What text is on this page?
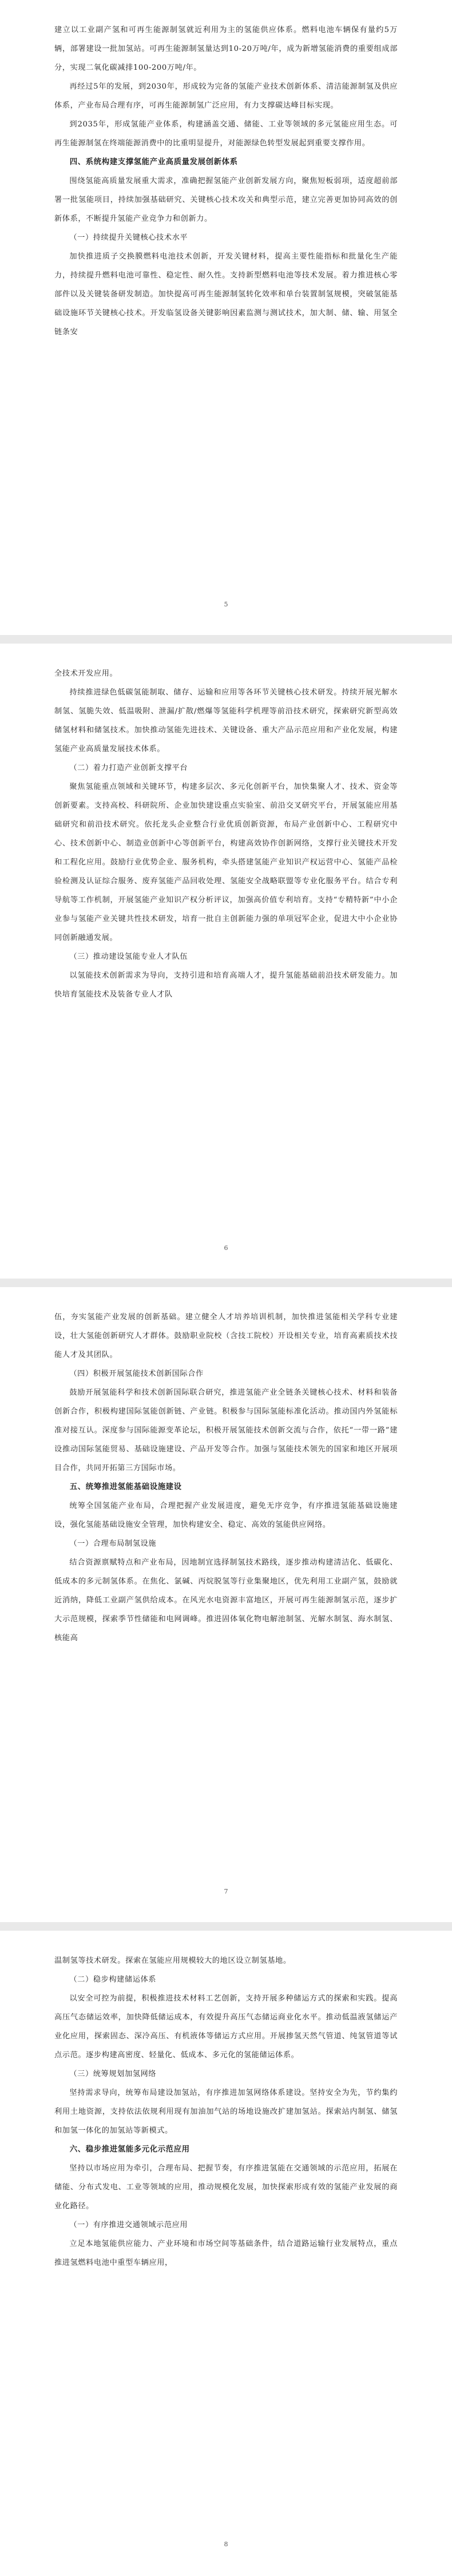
建立以工业副产氢和可再生能源制氢就近利用为主的氢能供应体系。燃料电池车辆保有量约5万辆，部署建设一批加氢站。可再生能源制氢量达到10-20万吨/年，成为新增氢能消费的重要组成部分，实现二氧化碳减排100-200万吨/年。

再经过5年的发展，到2030年，形成较为完备的氢能产业技术创新体系、清洁能源制氢及供应体系，产业布局合理有序，可再生能源制氢广泛应用，有力支撑碳达峰目标实现。

到2035年，形成氢能产业体系，构建涵盖交通、储能、工业等领域的多元氢能应用生态。可再生能源制氢在终端能源消费中的比重明显提升，对能源绿色转型发展起到重要支撑作用。

四、系统构建支撑氢能产业高质量发展创新体系

围绕氢能高质量发展重大需求，准确把握氢能产业创新发展方向，聚焦短板弱项，适度超前部署一批氢能项目，持续加强基础研究、关键核心技术攻关和典型示范，建立完善更加协同高效的创新体系，不断提升氢能产业竞争力和创新力。

（一）持续提升关键核心技术水平

加快推进质子交换膜燃料电池技术创新，开发关键材料，提高主要性能指标和批量化生产能力，持续提升燃料电池可靠性、稳定性、耐久性。支持新型燃料电池等技术发展。着力推进核心零部件以及关键装备研发制造。加快提高可再生能源制氢转化效率和单台装置制氢规模，突破氢能基础设施环节关键核心技术。开发临氢设备关键影响因素监测与测试技术，加大制、储、输、用氢全链条安

5

全技术开发应用。

持续推进绿色低碳氢能制取、储存、运输和应用等各环节关键核心技术研发。持续开展光解水制氢、氢脆失效、低温吸附、泄漏/扩散/燃爆等氢能科学机理等前沿技术研究，探索研究新型高效储氢材料和储氢技术。加快推动氢能先进技术、关键设备、重大产品示范应用和产业化发展，构建氢能产业高质量发展技术体系。

（二）着力打造产业创新支撑平台

聚焦氢能重点领域和关键环节，构建多层次、多元化创新平台，加快集聚人才、技术、资金等创新要素。支持高校、科研院所、企业加快建设重点实验室、前沿交叉研究平台，开展氢能应用基础研究和前沿技术研究。依托龙头企业整合行业优质创新资源，布局产业创新中心、工程研究中心、技术创新中心、制造业创新中心等创新平台，构建高效协作创新网络，支撑行业关键技术开发和工程化应用。鼓励行业优势企业、服务机构，牵头搭建氢能产业知识产权运营中心、氢能产品检验检测及认证综合服务、废弃氢能产品回收处理、氢能安全战略联盟等专业化服务平台。结合专利导航等工作机制，开展氢能产业知识产权分析评议，加强高价值专利培育。支持“专精特新”中小企业参与氢能产业关键共性技术研发，培育一批自主创新能力强的单项冠军企业，促进大中小企业协同创新融通发展。

（三）推动建设氢能专业人才队伍

以氢能技术创新需求为导向，支持引进和培育高端人才，提升氢能基础前沿技术研发能力。加快培育氢能技术及装备专业人才队

6

伍，夯实氢能产业发展的创新基础。建立健全人才培养培训机制，加快推进氢能相关学科专业建设，壮大氢能创新研究人才群体。鼓励职业院校（含技工院校）开设相关专业，培育高素质技术技能人才及其团队。

（四）积极开展氢能技术创新国际合作

鼓励开展氢能科学和技术创新国际联合研究，推进氢能产业全链条关键核心技术、材料和装备创新合作，积极构建国际氢能创新链、产业链。积极参与国际氢能标准化活动。推动国内外氢能标准对接互认。深度参与国际能源变革论坛，积极开展氢能技术创新交流与合作，依托“一带一路”建设推动国际氢能贸易、基础设施建设、产品开发等合作。加强与氢能技术领先的国家和地区开展项目合作，共同开拓第三方国际市场。

五、统筹推进氢能基础设施建设

统筹全国氢能产业布局，合理把握产业发展进度，避免无序竞争，有序推进氢能基础设施建设，强化氢能基础设施安全管理，加快构建安全、稳定、高效的氢能供应网络。

（一）合理布局制氢设施

结合资源禀赋特点和产业布局，因地制宜选择制氢技术路线，逐步推动构建清洁化、低碳化、低成本的多元制氢体系。在焦化、氯碱、丙烷脱氢等行业集聚地区，优先利用工业副产氢，鼓励就近消纳，降低工业副产氢供给成本。在风光水电资源丰富地区，开展可再生能源制氢示范，逐步扩大示范规模，探索季节性储能和电网调峰。推进固体氧化物电解池制氢、光解水制氢、海水制氢、核能高

7

温制氢等技术研发。探索在氢能应用规模较大的地区设立制氢基地。

（二）稳步构建储运体系

以安全可控为前提，积极推进技术材料工艺创新，支持开展多种储运方式的探索和实践。提高高压气态储运效率，加快降低储运成本，有效提升高压气态储运商业化水平。推动低温液氢储运产业化应用，探索固态、深冷高压、有机液体等储运方式应用。开展掺氢天然气管道、纯氢管道等试点示范。逐步构建高密度、轻量化、低成本、多元化的氢能储运体系。

（三）统筹规划加氢网络

坚持需求导向，统筹布局建设加氢站，有序推进加氢网络体系建设。坚持安全为先，节约集约利用土地资源，支持依法依规利用现有加油加气站的场地设施改扩建加氢站。探索站内制氢、储氢和加氢一体化的加氢站等新模式。

六、稳步推进氢能多元化示范应用

坚持以市场应用为牵引，合理布局、把握节奏，有序推进氢能在交通领域的示范应用，拓展在储能、分布式发电、工业等领域的应用，推动规模化发展，加快探索形成有效的氢能产业发展的商业化路径。

（一）有序推进交通领域示范应用

立足本地氢能供应能力、产业环境和市场空间等基础条件，结合道路运输行业发展特点，重点推进氢燃料电池中重型车辆应用，

8
